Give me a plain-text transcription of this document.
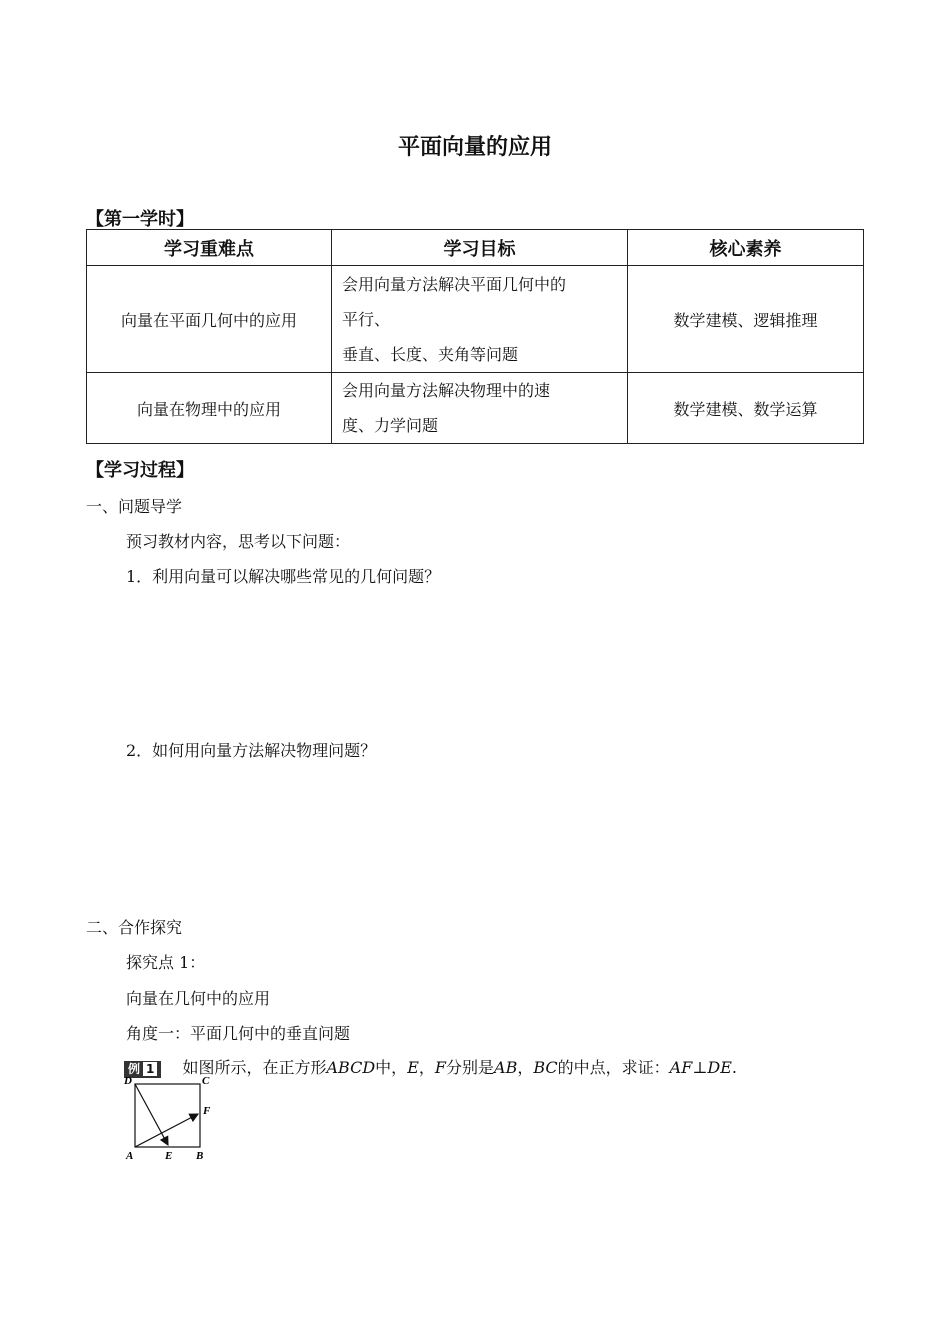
平面向量的应用
【第一学时】
学习重难点	学习目标	核心素养
向量在平面几何中的应用	会用向量方法解决平面几何中的
平行、
垂直、长度、夹角等问题	数学建模、逻辑推理
向量在物理中的应用	会用向量方法解决物理中的速
度、力学问题	数学建模、数学运算
【学习过程】
一、问题导学
预习教材内容，思考以下问题：
1．利用向量可以解决哪些常见的几何问题？
2．如何用向量方法解决物理问题？
二、合作探究
探究点 1：
向量在几何中的应用
角度一：平面几何中的垂直问题
例 1 如图所示，在正方形ABCD中，E，F分别是AB，BC的中点，求证：AF⊥DE.
D	C
F
A	E B
